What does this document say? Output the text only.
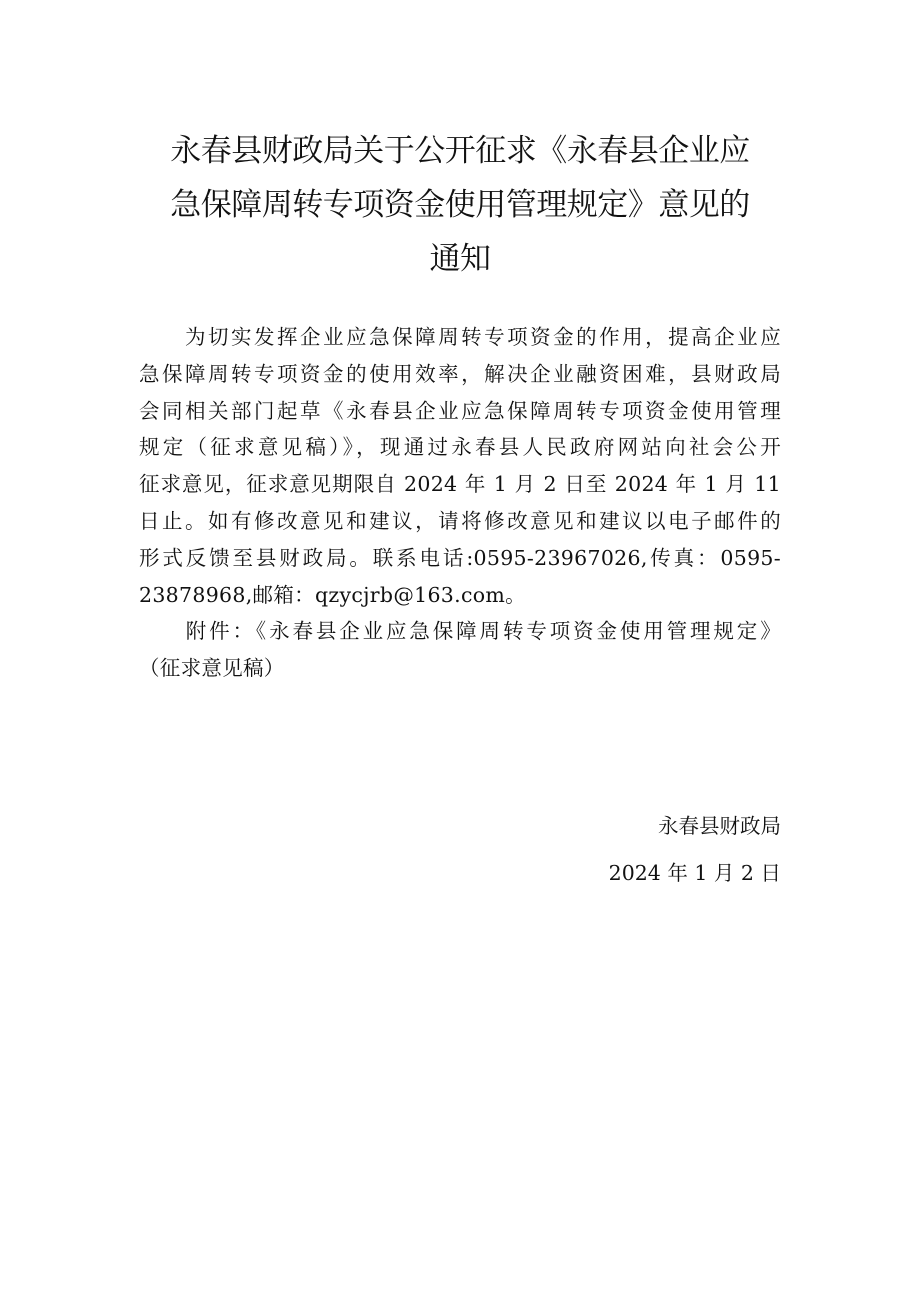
永春县财政局关于公开征求《永春县企业应
急保障周转专项资金使用管理规定》意见的
通知
　　为切实发挥企业应急保障周转专项资金的作用，提高企业应
急保障周转专项资金的使用效率，解决企业融资困难，县财政局
会同相关部门起草《永春县企业应急保障周转专项资金使用管理
规定（征求意见稿）》，现通过永春县人民政府网站向社会公开
征求意见，征求意见期限自 2024 年 1 月 2 日至 2024 年 1 月 11
日止。如有修改意见和建议，请将修改意见和建议以电子邮件的
形式反馈至县财政局。联系电话:0595-23967026,传真：0595-
23878968,邮箱：qzycjrb@163.com。
　　附件：《永春县企业应急保障周转专项资金使用管理规定》
（征求意见稿）
永春县财政局
2024 年 1 月 2 日
